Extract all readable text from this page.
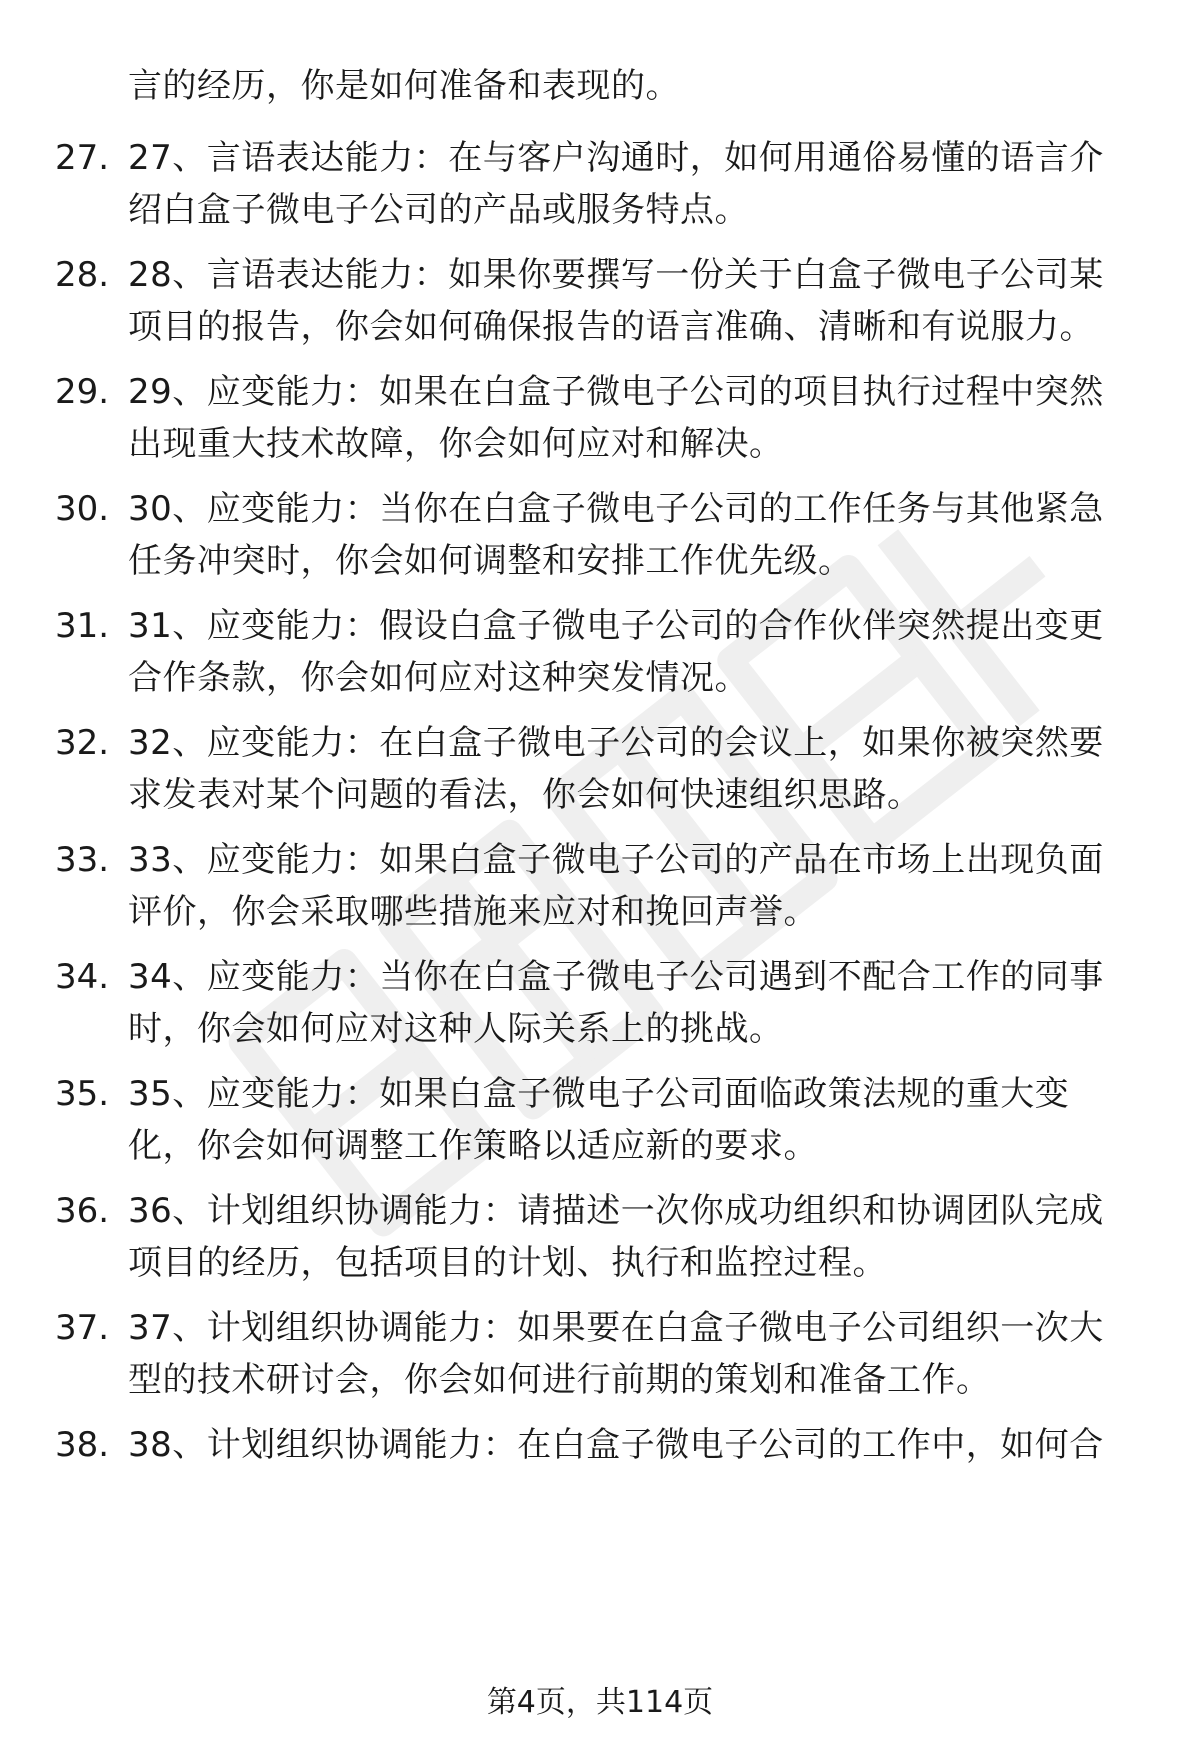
言的经历，你是如何准备和表现的。
27. 27、言语表达能力：在与客户沟通时，如何用通俗易懂的语言介
绍白盒子微电子公司的产品或服务特点。
28. 28、言语表达能力：如果你要撰写一份关于白盒子微电子公司某
项目的报告，你会如何确保报告的语言准确、清晰和有说服力。
29. 29、应变能力：如果在白盒子微电子公司的项目执行过程中突然
出现重大技术故障，你会如何应对和解决。
30. 30、应变能力：当你在白盒子微电子公司的工作任务与其他紧急
任务冲突时，你会如何调整和安排工作优先级。
31. 31、应变能力：假设白盒子微电子公司的合作伙伴突然提出变更
合作条款，你会如何应对这种突发情况。
32. 32、应变能力：在白盒子微电子公司的会议上，如果你被突然要
求发表对某个问题的看法，你会如何快速组织思路。
33. 33、应变能力：如果白盒子微电子公司的产品在市场上出现负面
评价，你会采取哪些措施来应对和挽回声誉。
34. 34、应变能力：当你在白盒子微电子公司遇到不配合工作的同事
时，你会如何应对这种人际关系上的挑战。
35. 35、应变能力：如果白盒子微电子公司面临政策法规的重大变
化，你会如何调整工作策略以适应新的要求。
36. 36、计划组织协调能力：请描述一次你成功组织和协调团队完成
项目的经历，包括项目的计划、执行和监控过程。
37. 37、计划组织协调能力：如果要在白盒子微电子公司组织一次大
型的技术研讨会，你会如何进行前期的策划和准备工作。
38. 38、计划组织协调能力：在白盒子微电子公司的工作中，如何合
第4页，共114页
